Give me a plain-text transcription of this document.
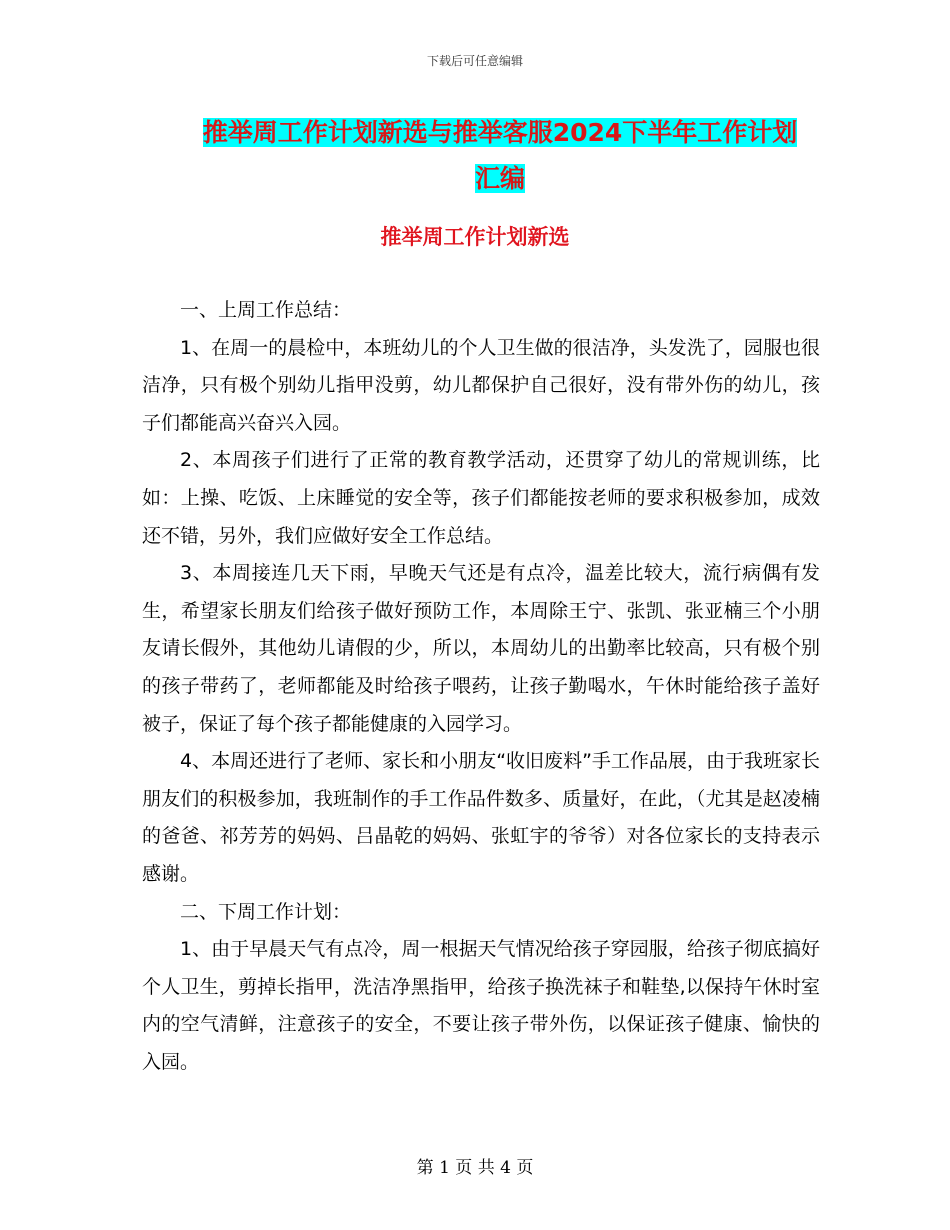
下载后可任意编辑
推举周工作计划新选与推举客服2024下半年工作计划
汇编
推举周工作计划新选

一、上周工作总结：

1、在周一的晨检中，本班幼儿的个人卫生做的很洁净，头发洗了，园服也很洁净，只有极个别幼儿指甲没剪，幼儿都保护自己很好，没有带外伤的幼儿，孩子们都能高兴奋兴入园。

2、本周孩子们进行了正常的教育教学活动，还贯穿了幼儿的常规训练，比如：上操、吃饭、上床睡觉的安全等，孩子们都能按老师的要求积极参加，成效还不错，另外，我们应做好安全工作总结。

3、本周接连几天下雨，早晚天气还是有点冷，温差比较大，流行病偶有发生，希望家长朋友们给孩子做好预防工作，本周除王宁、张凯、张亚楠三个小朋友请长假外，其他幼儿请假的少，所以，本周幼儿的出勤率比较高，只有极个别的孩子带药了，老师都能及时给孩子喂药，让孩子勤喝水，午休时能给孩子盖好被子，保证了每个孩子都能健康的入园学习。

4、本周还进行了老师、家长和小朋友“收旧废料”手工作品展，由于我班家长朋友们的积极参加，我班制作的手工作品件数多、质量好，在此，（尤其是赵凌楠的爸爸、祁芳芳的妈妈、吕晶乾的妈妈、张虹宇的爷爷）对各位家长的支持表示感谢。

二、下周工作计划：

1、由于早晨天气有点冷，周一根据天气情况给孩子穿园服，给孩子彻底搞好个人卫生，剪掉长指甲，洗洁净黑指甲，给孩子换洗袜子和鞋垫,以保持午休时室内的空气清鲜，注意孩子的安全，不要让孩子带外伤，以保证孩子健康、愉快的入园。

第 1 页 共 4 页
